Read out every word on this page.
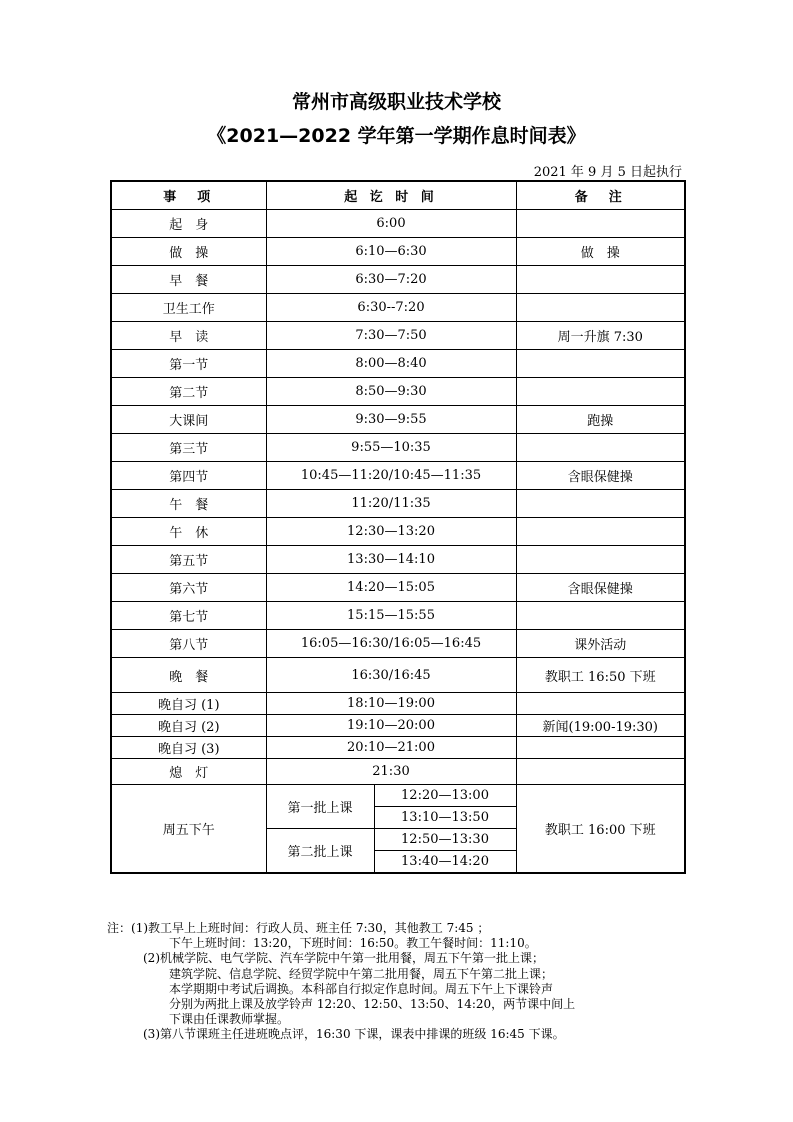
常州市高级职业技术学校
《2021—2022 学年第一学期作息时间表》
2021 年 9 月 5 日起执行
事　项	起 讫 时 间		备　注
起　身	6:00		
做　操	6:10—6:30		做　操
早　餐	6:30—7:20		
卫生工作	6:30--7:20		
早　读	7:30—7:50		周一升旗 7:30
第一节	8:00—8:40		
第二节	8:50—9:30		
大课间	9:30—9:55		跑操
第三节	9:55—10:35		
第四节	10:45—11:20/10:45—11:35		含眼保健操
午　餐	11:20/11:35		
午　休	12:30—13:20		
第五节	13:30—14:10		
第六节	14:20—15:05		含眼保健操
第七节	15:15—15:55		
第八节	16:05—16:30/16:05—16:45		课外活动
晚　餐	16:30/16:45		教职工 16:50 下班
晚自习 (1)	18:10—19:00		
晚自习 (2)	19:10—20:00		新闻(19:00-19:30)
晚自习 (3)	20:10—21:00		
熄　灯	21:30		
周五下午	第一批上课	12:20—13:00	教职工 16:00 下班
		13:10—13:50	
	第二批上课	12:50—13:30	
		13:40—14:20	
注：(1)教工早上上班时间：行政人员、班主任 7:30，其他教工 7:45 ；
下午上班时间：13:20，下班时间：16:50。教工午餐时间：11:10。
(2)机械学院、电气学院、汽车学院中午第一批用餐，周五下午第一批上课；
建筑学院、信息学院、经贸学院中午第二批用餐，周五下午第二批上课；
本学期期中考试后调换。本科部自行拟定作息时间。周五下午上下课铃声
分别为两批上课及放学铃声 12:20、12:50、13:50、14:20，两节课中间上
下课由任课教师掌握。
(3)第八节课班主任进班晚点评，16:30 下课，课表中排课的班级 16:45 下课。
